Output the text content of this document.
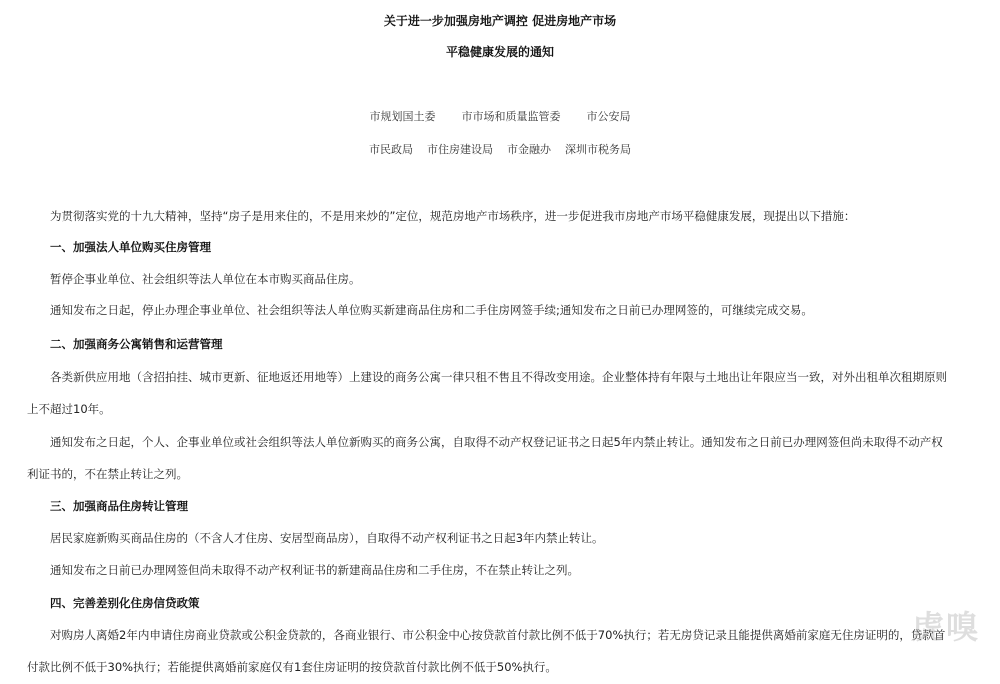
关于进一步加强房地产调控 促进房地产市场
平稳健康发展的通知
市规划国土委 市市场和质量监管委 市公安局
市民政局 市住房建设局 市金融办 深圳市税务局
为贯彻落实党的十九大精神，坚持“房子是用来住的，不是用来炒的”定位，规范房地产市场秩序，进一步促进我市房地产市场平稳健康发展，现提出以下措施：
一、加强法人单位购买住房管理
暂停企事业单位、社会组织等法人单位在本市购买商品住房。
通知发布之日起，停止办理企事业单位、社会组织等法人单位购买新建商品住房和二手住房网签手续;通知发布之日前已办理网签的，可继续完成交易。
二、加强商务公寓销售和运营管理
各类新供应用地（含招拍挂、城市更新、征地返还用地等）上建设的商务公寓一律只租不售且不得改变用途。企业整体持有年限与土地出让年限应当一致，对外出租单次租期原则
上不超过10年。
通知发布之日起，个人、企事业单位或社会组织等法人单位新购买的商务公寓，自取得不动产权登记证书之日起5年内禁止转让。通知发布之日前已办理网签但尚未取得不动产权
利证书的，不在禁止转让之列。
三、加强商品住房转让管理
居民家庭新购买商品住房的（不含人才住房、安居型商品房），自取得不动产权利证书之日起3年内禁止转让。
通知发布之日前已办理网签但尚未取得不动产权利证书的新建商品住房和二手住房，不在禁止转让之列。
四、完善差别化住房信贷政策
对购房人离婚2年内申请住房商业贷款或公积金贷款的，各商业银行、市公积金中心按贷款首付款比例不低于70%执行；若无房贷记录且能提供离婚前家庭无住房证明的，贷款首
付款比例不低于30%执行；若能提供离婚前家庭仅有1套住房证明的按贷款首付款比例不低于50%执行。
虎嗅
